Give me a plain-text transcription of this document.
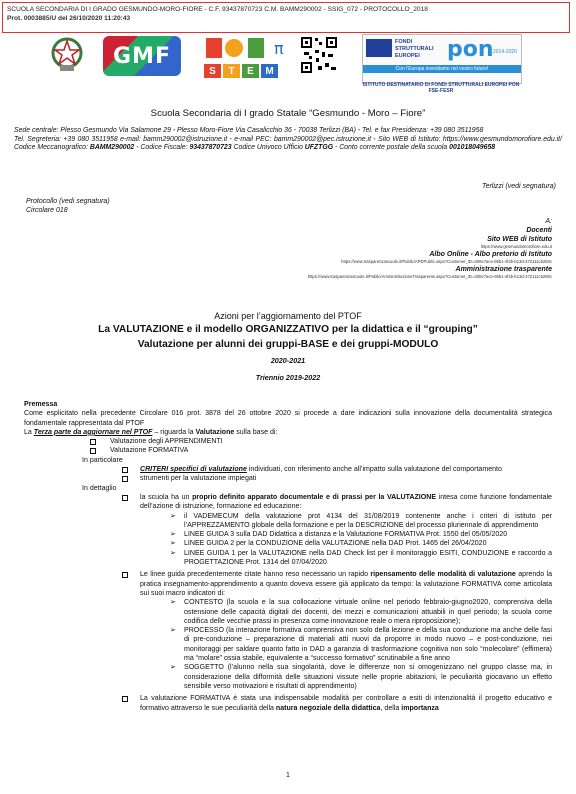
SCUOLA SECONDARIA DI I GRADO GESMUNDO-MORO-FIORE - C.F. 93437870723 C.M. BAMM290002 - SSIG_072 - PROTOCOLLO_2018
Prot. 0003885/U del 26/10/2020 11:20:43
GMF	π
S	T	E	M
FONDI
STRUTTURALI
EUROPEI	pon 2014-2020
Con l'Europa investiamo nel vostro futuro!
ISTITUTO DESTINATARIO DI FONDI STRUTTURALI EUROPEI PON FSE-FESR
Scuola Secondaria di I grado Statale “Gesmundo - Moro – Fiore”
Sede centrale: Plesso Gesmundo Via Salamone 29 - Plesso Moro-Fiore Via Casalicchio 36 - 70038 Terlizzi (BA) - Tel. e fax Presidenza: +39 080 3511958
Tel. Segreteria: +39 080 3511958 e-mail: bamm290002@istruzione.it - e-mail PEC: bamm290002@pec.istruzione.it - Sito WEB di Istituto: https://www.gesmundomorofiore.edu.it/ Codice Meccanografico: BAMM290002 - Codice Fiscale: 93437870723 Codice Univoco Ufficio UFZTGG - Conto corrente postale della scuola 001018049658
Terlizzi (vedi segnatura)
Protocollo (vedi segnatura)
Circolare 018
A:
Docenti
Sito WEB di Istituto
https://www.gesmundomorofiore.edu.it
Albo Online - Albo pretorio di Istituto
https://www.trasparenzascuole.it/Public/APDPublic.aspx?Customer_ID=300e7ace-06b1-4f4b-b13d-372111c5280c
Amministrazione trasparente
https://www.trasparenzascuole.it/Public/AmministrazioneTrasparente.aspx?Customer_ID=300e7ace-06b1-4f4b-b13d-372111c5280c
Azioni per l’aggiornamento del PTOF
La VALUTAZIONE e il modello ORGANIZZATIVO per la didattica e il “grouping”
Valutazione per alunni dei gruppi-BASE e dei gruppi-MODULO
2020-2021
Triennio 2019-2022

Premessa

Come esplicitato nella precedente Circolare 016 prot. 3878 del 26 ottobre 2020 si procede a dare indicazioni sulla innovazione della documentalità strategica fondamentale rappresentata dal PTOF

La Terza parte da aggiornare nel PTOF – riguarda la Valutazione sulla base di:

Valutazione degli APPRENDIMENTI

Valutazione FORMATIVA

In particolare

CRITERI specifici di valutazione individuati, con riferimento anche all’impatto sulla valutazione del comportamento

strumenti per la valutazione impiegati

In dettaglio

la scuola ha un proprio definito apparato documentale e di prassi per la VALUTAZIONE intesa come funzione fondamentale dell’azione di istruzione, formazione ed educazione:

➢ il VADEMECUM della valutazione prot 4134 del 31/08/2019 contenente anche i criteri di istituto per l’APPREZZAMENTO globale della formazione e per la DESCRIZIONE del processo pluriennale di apprendimento

➢ LINEE GUIDA 3 sulla DAD Didattica a distanza e la Valutazione FORMATIVA Prot. 1550 del 05/05/2020

➢ LINEE GUIDA 2 per la CONDUZIONE della VALUTAZIONE nella DAD Prot. 1465 del 26/04/2020

➢ LINEE GUIDA 1 per la VALUTAZIONE nella DAD Check list per il monitoraggio ESITI, CONDUZIONE e raccordo a PROGETTAZIONE Prot. 1314 del 07/04/2020

Le linee guida precedentemente citate hanno reso necessario un rapido ripensamento delle modalità di valutazione aprendo la pratica insegnamento-apprendimento a quanto doveva essere già applicato da tempo: la valutazione FORMATIVA come articolata sui suoi macro indicatori di:

➢ CONTESTO (la scuola e la sua collocazione virtuale online nel periodo febbraio-giugno2020, comprensiva della ostensione delle capacità digitali dei docenti, dei mezzi e comunicazioni attuabili in quel periodo; la scuola come codifica delle vecchie prassi in presenza come innovazione reale o mera riproposizione);

➢ PROCESSO (la interazione formativa comprensiva non solo della lezione e della sua conduzione ma anche delle fasi di pre-conduzione – preparazione di materiali atti nuovi da proporre in modo nuovo – e post-conduzione, nei monitoraggi per saldare quanto fatto in DAD a garanzia di trasformazione cognitiva non solo “molecolare” (effimera) ma “molare” ossia stabile, equivalente a “successo formativo” scrutinabile a fine anno

➢ SOGGETTO (l’alunno nella sua singolarità, dove le differenze non si omogenizzano nel gruppo classe ma, in considerazione della difformità delle situazioni vissute nelle proprie abitazioni, le peculiarità giocavano un effetto sensibile verso motivazioni e risultati di apprendimento)

La valutazione FORMATIVA è stata una indispensabile modalità per controllare a esiti di intenzionalità il progetto educativo e formativo attraverso le sue peculiarità della natura negoziale della didattica, della importanza

1
